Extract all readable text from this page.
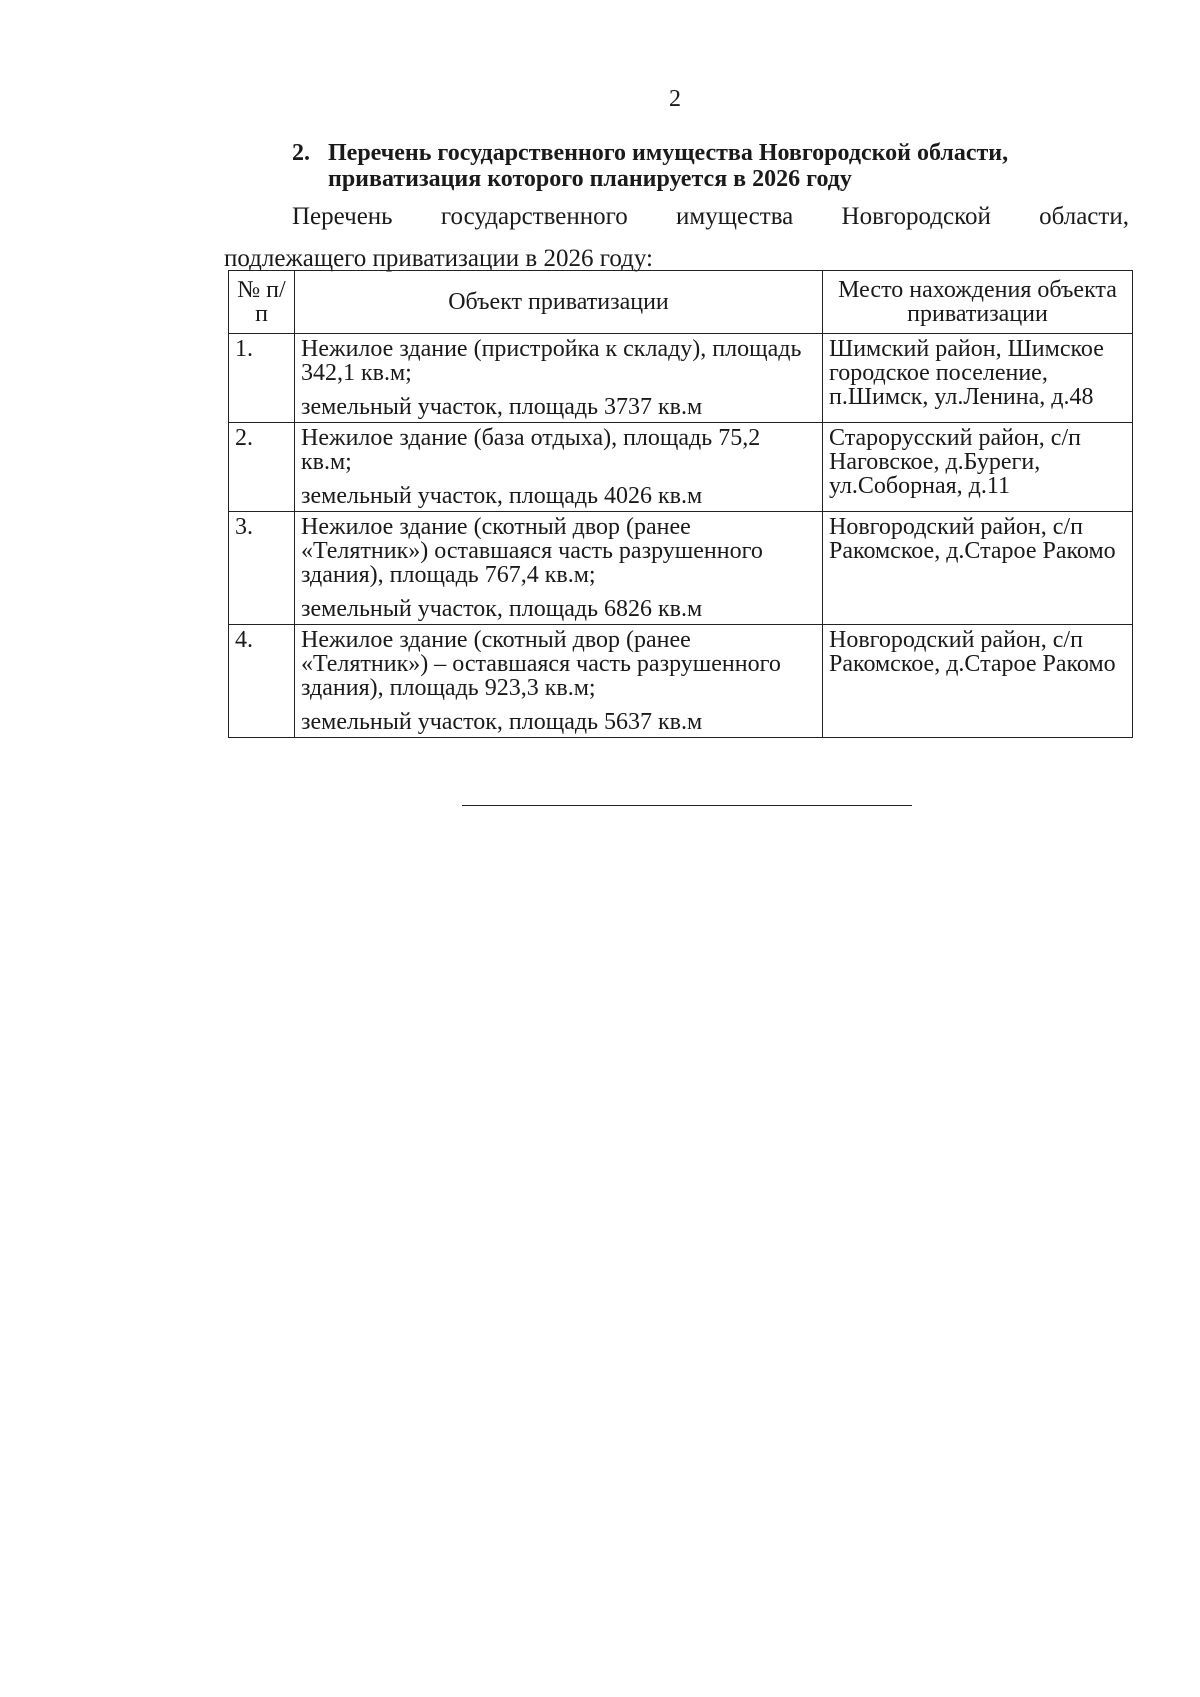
2
2. Перечень государственного имущества Новгородской области,
приватизация которого планируется в 2026 году
Перечень государственного имущества Новгородской области,
подлежащего приватизации в 2026 году:
№ п/п	Объект приватизации	Место нахождения объекта приватизации
1.	Нежилое здание (пристройка к складу), площадь 342,1 кв.м;
земельный участок, площадь 3737 кв.м	Шимский район, Шимское городское поселение, п.Шимск, ул.Ленина, д.48
2.	Нежилое здание (база отдыха), площадь 75,2 кв.м;
земельный участок, площадь 4026 кв.м	Старорусский район, с/п Наговское, д.Буреги, ул.Соборная, д.11
3.	Нежилое здание (скотный двор (ранее «Телятник») оставшаяся часть разрушенного здания), площадь 767,4 кв.м;
земельный участок, площадь 6826 кв.м	Новгородский район, с/п Ракомское, д.Старое Ракомо
4.	Нежилое здание (скотный двор (ранее «Телятник») – оставшаяся часть разрушенного здания), площадь 923,3 кв.м;
земельный участок, площадь 5637 кв.м	Новгородский район, с/п Ракомское, д.Старое Ракомо
